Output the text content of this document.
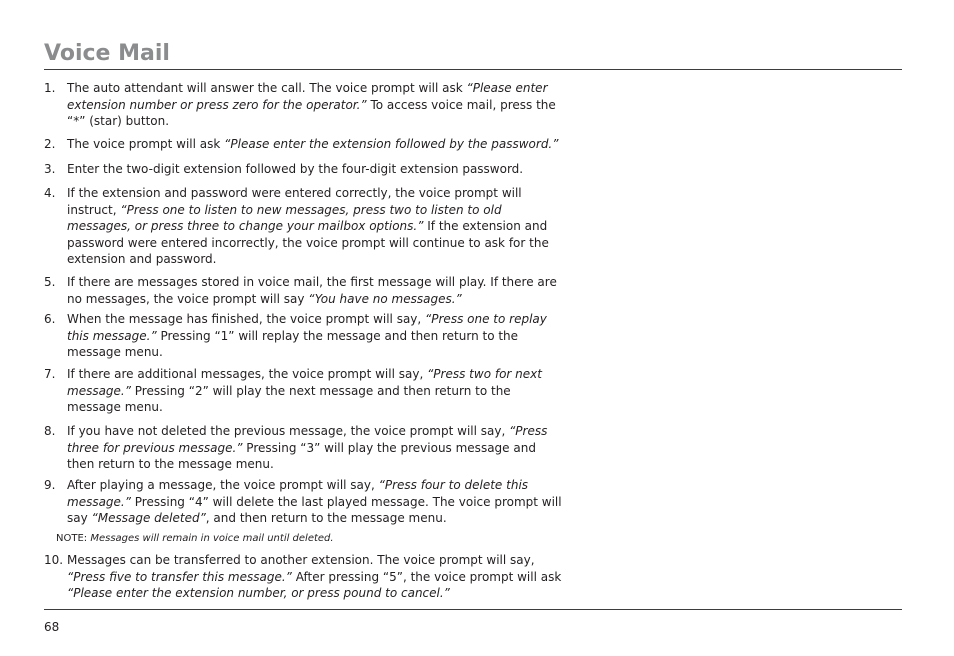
Voice Mail
1. The auto attendant will answer the call. The voice prompt will ask “Please enter extension number or press zero for the operator.” To access voice mail, press the “*” (star) button.
2. The voice prompt will ask “Please enter the extension followed by the password.”
3. Enter the two-digit extension followed by the four-digit extension password.
4. If the extension and password were entered correctly, the voice prompt will instruct, “Press one to listen to new messages, press two to listen to old messages, or press three to change your mailbox options.” If the extension and password were entered incorrectly, the voice prompt will continue to ask for the extension and password.
5. If there are messages stored in voice mail, the first message will play. If there are no messages, the voice prompt will say “You have no messages.”
6. When the message has finished, the voice prompt will say, “Press one to replay this message.” Pressing “1” will replay the message and then return to the message menu.
7. If there are additional messages, the voice prompt will say, “Press two for next message.” Pressing “2” will play the next message and then return to the message menu.
8. If you have not deleted the previous message, the voice prompt will say, “Press three for previous message.” Pressing “3” will play the previous message and then return to the message menu.
9. After playing a message, the voice prompt will say, “Press four to delete this message.” Pressing “4” will delete the last played message. The voice prompt will say “Message deleted”, and then return to the message menu.
NOTE: Messages will remain in voice mail until deleted.
10. Messages can be transferred to another extension. The voice prompt will say, “Press five to transfer this message.” After pressing “5”, the voice prompt will ask “Please enter the extension number, or press pound to cancel.”
68
